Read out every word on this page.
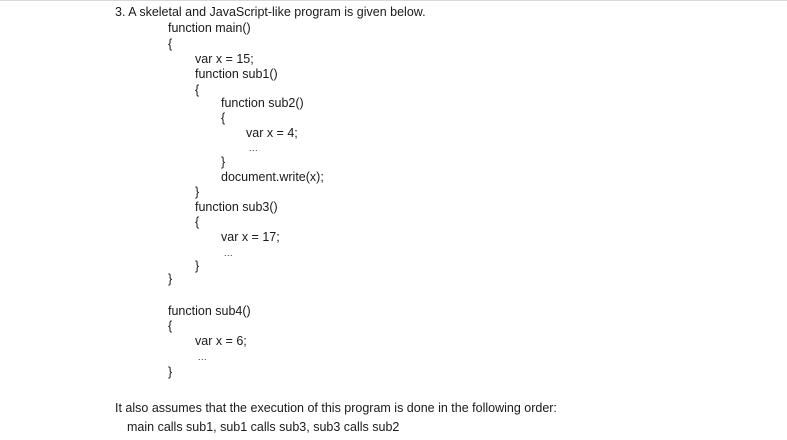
3. A skeletal and JavaScript-like program is given below.
function main()
{
var x = 15;
function sub1()
{
function sub2()
{
var x = 4;
...
}
document.write(x);
}
function sub3()
{
var x = 17;
...
}
}
function sub4()
{
var x = 6;
...
}
It also assumes that the execution of this program is done in the following order:
main calls sub1, sub1 calls sub3, sub3 calls sub2
